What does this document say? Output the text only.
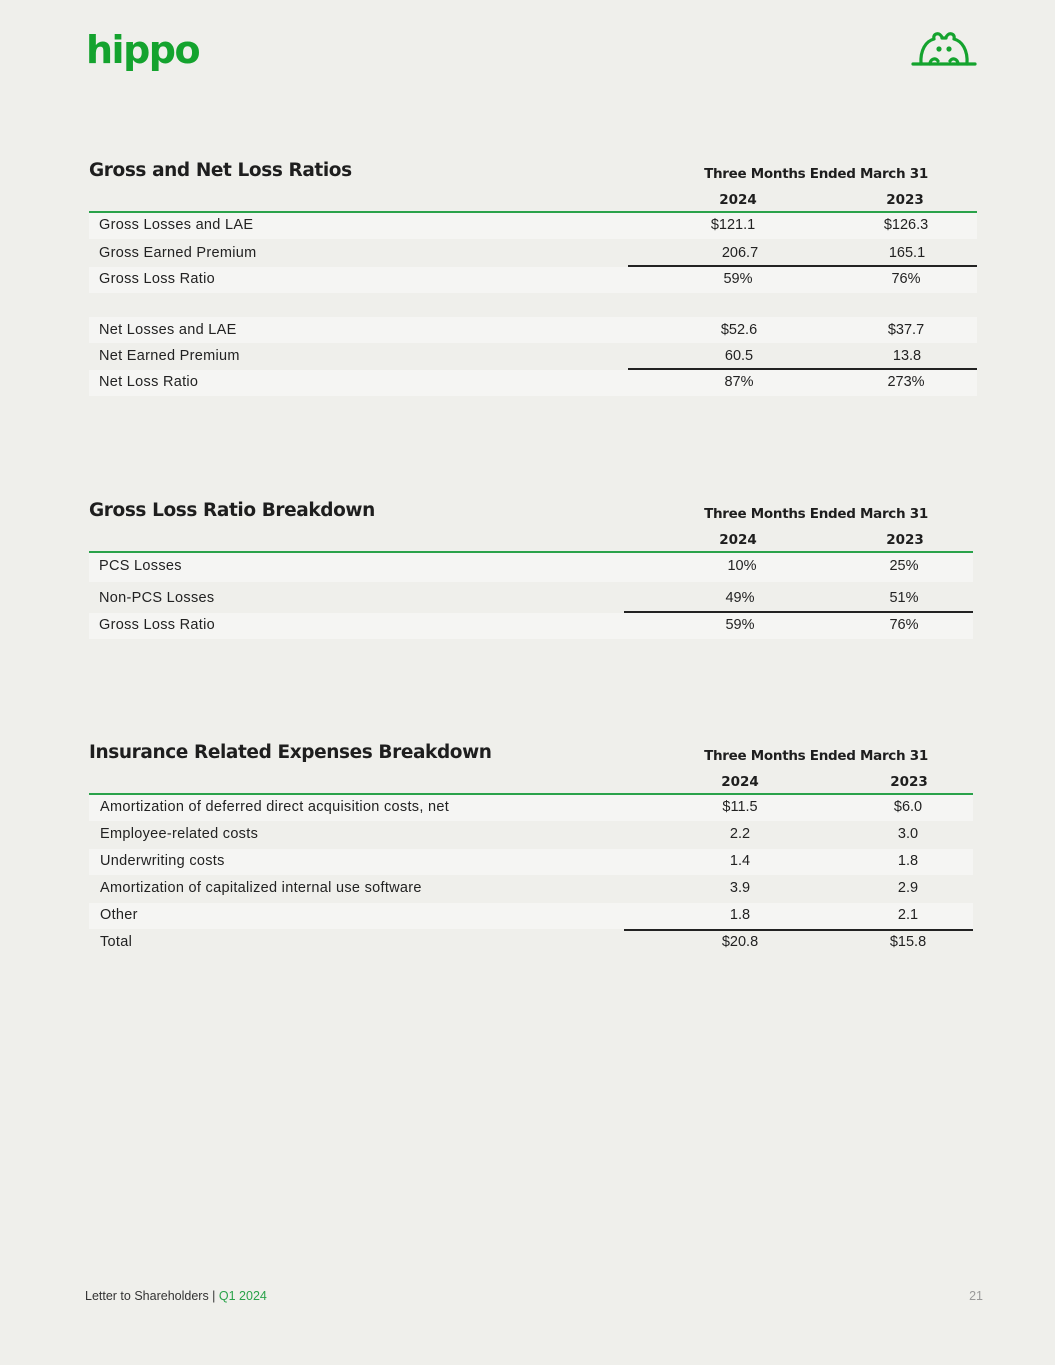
hippo
Gross and Net Loss Ratios	Three Months Ended March 31
2024	2023
Gross Losses and LAE	$121.1	$126.3
Gross Earned Premium	206.7	165.1
Gross Loss Ratio	59%	76%
Net Losses and LAE	$52.6	$37.7
Net Earned Premium	60.5	13.8
Net Loss Ratio	87%	273%
Gross Loss Ratio Breakdown	Three Months Ended March 31
2024	2023
PCS Losses	10%	25%
Non-PCS Losses	49%	51%
Gross Loss Ratio	59%	76%
Insurance Related Expenses Breakdown	Three Months Ended March 31
2024	2023
Amortization of deferred direct acquisition costs, net	$11.5	$6.0
Employee-related costs	2.2	3.0
Underwriting costs	1.4	1.8
Amortization of capitalized internal use software	3.9	2.9
Other	1.8	2.1
Total	$20.8	$15.8
Letter to Shareholders | Q1 2024	21
